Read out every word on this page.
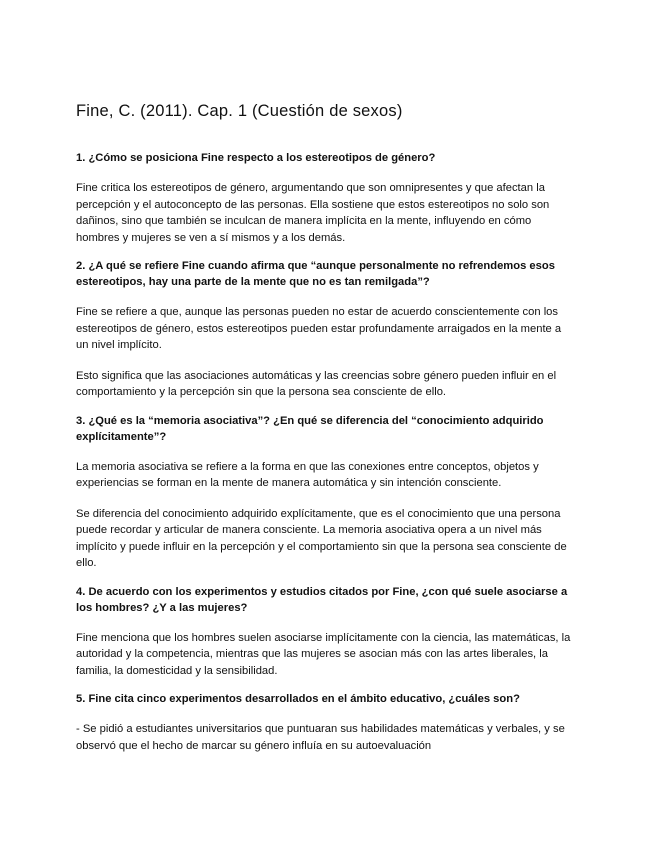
Fine, C. (2011). Cap. 1 (Cuestión de sexos)

1. ¿Cómo se posiciona Fine respecto a los estereotipos de género?

Fine critica los estereotipos de género, argumentando que son omnipresentes y que afectan la percepción y el autoconcepto de las personas. Ella sostiene que estos estereotipos no solo son dañinos, sino que también se inculcan de manera implícita en la mente, influyendo en cómo hombres y mujeres se ven a sí mismos y a los demás.

2. ¿A qué se refiere Fine cuando afirma que “aunque personalmente no refrendemos esos estereotipos, hay una parte de la mente que no es tan remilgada”?

Fine se refiere a que, aunque las personas pueden no estar de acuerdo conscientemente con los estereotipos de género, estos estereotipos pueden estar profundamente arraigados en la mente a un nivel implícito.

Esto significa que las asociaciones automáticas y las creencias sobre género pueden influir en el comportamiento y la percepción sin que la persona sea consciente de ello.

3. ¿Qué es la “memoria asociativa”? ¿En qué se diferencia del “conocimiento adquirido explícitamente”?

La memoria asociativa se refiere a la forma en que las conexiones entre conceptos, objetos y experiencias se forman en la mente de manera automática y sin intención consciente.

Se diferencia del conocimiento adquirido explícitamente, que es el conocimiento que una persona puede recordar y articular de manera consciente. La memoria asociativa opera a un nivel más implícito y puede influir en la percepción y el comportamiento sin que la persona sea consciente de ello.

4. De acuerdo con los experimentos y estudios citados por Fine, ¿con qué suele asociarse a los hombres? ¿Y a las mujeres?

Fine menciona que los hombres suelen asociarse implícitamente con la ciencia, las matemáticas, la autoridad y la competencia, mientras que las mujeres se asocian más con las artes liberales, la familia, la domesticidad y la sensibilidad.

5. Fine cita cinco experimentos desarrollados en el ámbito educativo, ¿cuáles son?

- Se pidió a estudiantes universitarios que puntuaran sus habilidades matemáticas y verbales, y se observó que el hecho de marcar su género influía en su autoevaluación
